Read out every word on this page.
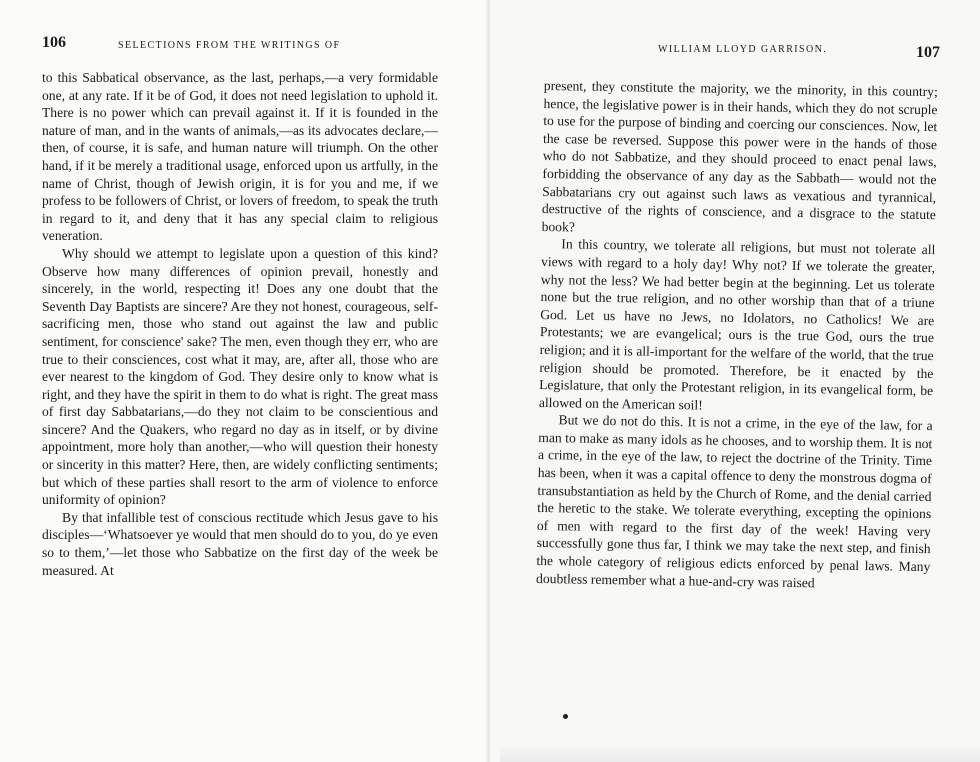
106	SELECTIONS FROM THE WRITINGS OF

to this Sabbatical observance, as the last, perhaps,—a very formidable one, at any rate. If it be of God, it does not need legislation to uphold it. There is no power which can prevail against it. If it is founded in the nature of man, and in the wants of animals,—as its advocates declare,— then, of course, it is safe, and human nature will triumph. On the other hand, if it be merely a traditional usage, enforced upon us artfully, in the name of Christ, though of Jewish origin, it is for you and me, if we profess to be followers of Christ, or lovers of freedom, to speak the truth in regard to it, and deny that it has any special claim to religious veneration.

Why should we attempt to legislate upon a question of this kind? Observe how many differences of opinion prevail, honestly and sincerely, in the world, respecting it! Does any one doubt that the Seventh Day Baptists are sincere? Are they not honest, courageous, self-sacrificing men, those who stand out against the law and public sentiment, for conscience' sake? The men, even though they err, who are true to their consciences, cost what it may, are, after all, those who are ever nearest to the kingdom of God. They desire only to know what is right, and they have the spirit in them to do what is right. The great mass of first day Sabbatarians,—do they not claim to be conscientious and sincere? And the Quakers, who regard no day as in itself, or by divine appointment, more holy than another,—who will question their honesty or sincerity in this matter? Here, then, are widely conflicting sentiments; but which of these parties shall resort to the arm of violence to enforce uniformity of opinion?

By that infallible test of conscious rectitude which Jesus gave to his disciples—‘Whatsoever ye would that men should do to you, do ye even so to them,’—let those who Sabbatize on the first day of the week be measured. At

WILLIAM LLOYD GARRISON.	107

present, they constitute the majority, we the minority, in this country; hence, the legislative power is in their hands, which they do not scruple to use for the purpose of binding and coercing our consciences. Now, let the case be reversed. Suppose this power were in the hands of those who do not Sabbatize, and they should proceed to enact penal laws, forbidding the observance of any day as the Sabbath— would not the Sabbatarians cry out against such laws as vexatious and tyrannical, destructive of the rights of conscience, and a disgrace to the statute book?

In this country, we tolerate all religions, but must not tolerate all views with regard to a holy day! Why not? If we tolerate the greater, why not the less? We had better begin at the beginning. Let us tolerate none but the true religion, and no other worship than that of a triune God. Let us have no Jews, no Idolators, no Catholics! We are Protestants; we are evangelical; ours is the true God, ours the true religion; and it is all-important for the welfare of the world, that the true religion should be promoted. Therefore, be it enacted by the Legislature, that only the Protestant religion, in its evangelical form, be allowed on the American soil!

But we do not do this. It is not a crime, in the eye of the law, for a man to make as many idols as he chooses, and to worship them. It is not a crime, in the eye of the law, to reject the doctrine of the Trinity. Time has been, when it was a capital offence to deny the monstrous dogma of transubstantiation as held by the Church of Rome, and the denial carried the heretic to the stake. We tolerate everything, excepting the opinions of men with regard to the first day of the week! Having very successfully gone thus far, I think we may take the next step, and finish the whole category of religious edicts enforced by penal laws. Many doubtless remember what a hue-and-cry was raised
